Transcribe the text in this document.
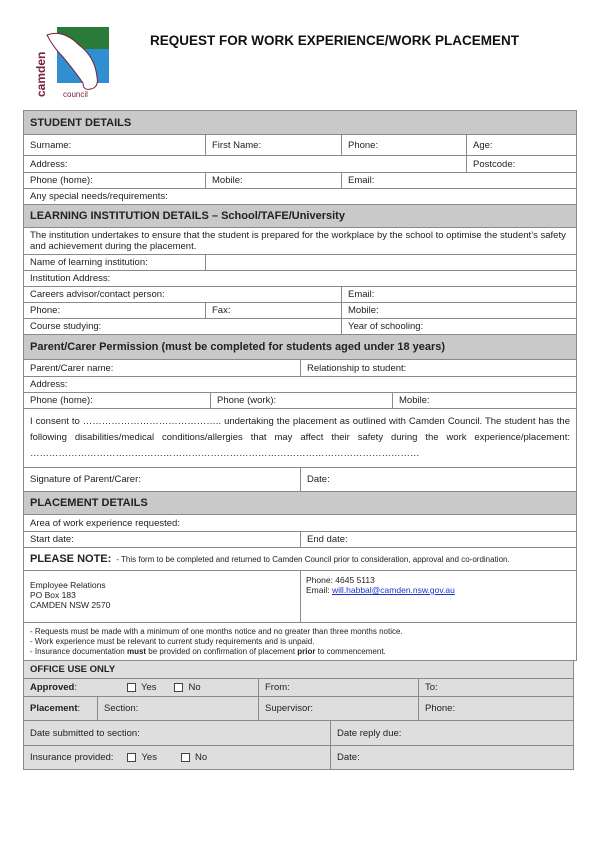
camden council
REQUEST FOR WORK EXPERIENCE/WORK PLACEMENT
STUDENT DETAILS
Surname:	First Name:	Phone:	Age:
Address:	Postcode:
Phone (home):	Mobile:	Email:
Any special needs/requirements:
LEARNING INSTITUTION DETAILS – School/TAFE/University
The institution undertakes to ensure that the student is prepared for the workplace by the school to optimise the student’s safety and achievement during the placement.
Name of learning institution:
Institution Address:
Careers advisor/contact person:	Email:
Phone:	Fax:	Mobile:
Course studying:	Year of schooling:
Parent/Carer Permission (must be completed for students aged under 18 years)
Parent/Carer name:	Relationship to student:
Address:
Phone (home):	Phone (work):	Mobile:
I consent to …………………………………….. undertaking the placement as outlined with Camden Council. The student has the following disabilities/medical conditions/allergies that may affect their safety during the work experience/placement: ……………………………………………………………………………………………………………
Signature of Parent/Carer:	Date:
PLACEMENT DETAILS
Area of work experience requested:
Start date:	End date:
PLEASE NOTE: - This form to be completed and returned to Camden Council prior to consideration, approval and co-ordination.
Employee Relations
PO Box 183
CAMDEN NSW 2570
Phone: 4645 5113
Email: will.habbal@camden.nsw.gov.au
- Requests must be made with a minimum of one months notice and no greater than three months notice.
- Work experience must be relevant to current study requirements and is unpaid.
- Insurance documentation must be provided on confirmation of placement prior to commencement.
OFFICE USE ONLY
Approved :	Yes	No	From:	To:
Placement :	Section:	Supervisor:	Phone:
Date submitted to section:	Date reply due:
Insurance provided:	Yes	No	Date:
